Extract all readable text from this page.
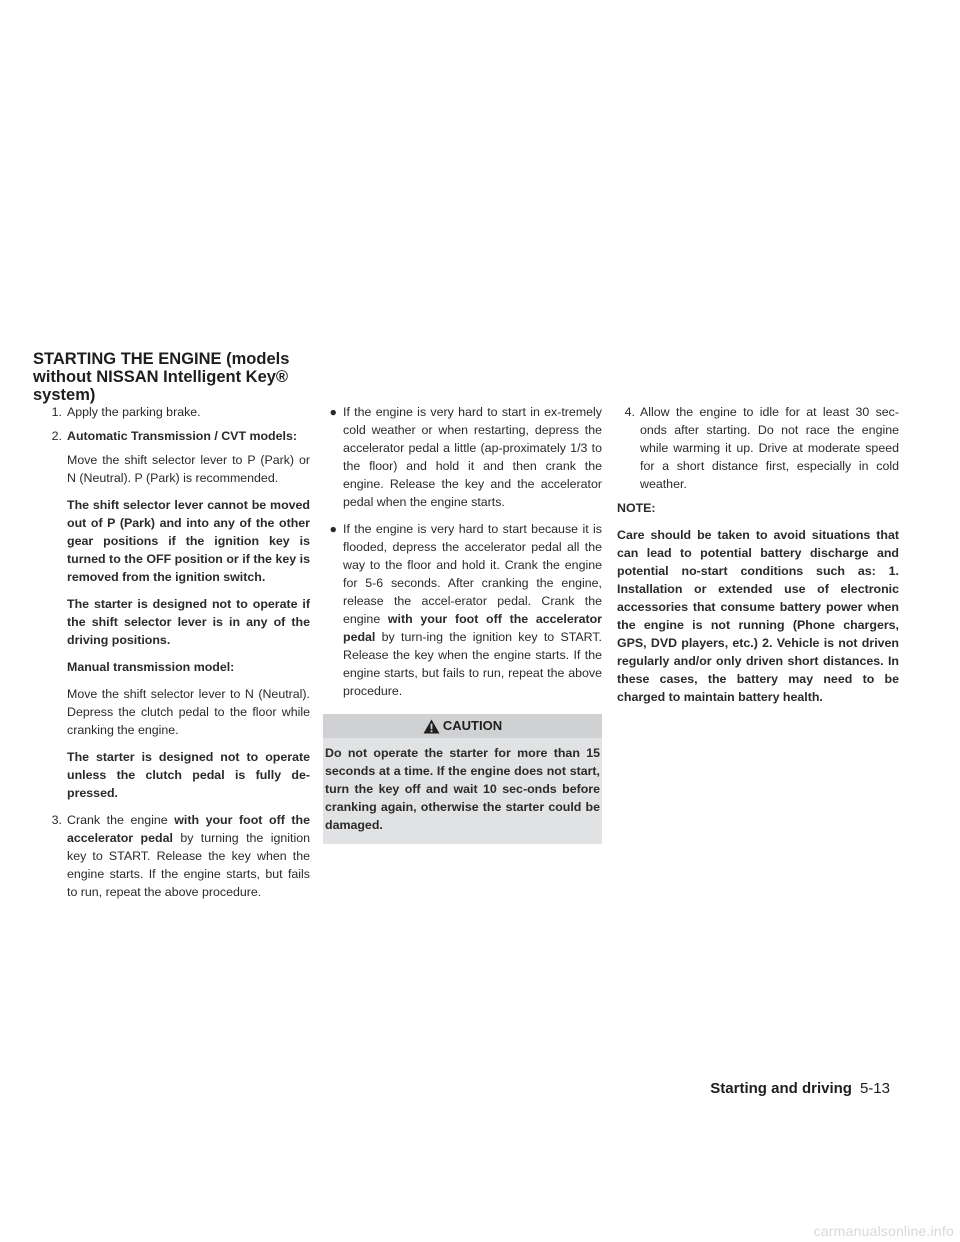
STARTING THE ENGINE (models without NISSAN Intelligent Key® system)
1. Apply the parking brake.
2. Automatic Transmission / CVT models:

Move the shift selector lever to P (Park) or N (Neutral). P (Park) is recommended.

The shift selector lever cannot be moved out of P (Park) and into any of the other gear positions if the ignition key is turned to the OFF position or if the key is removed from the ignition switch.

The starter is designed not to operate if the shift selector lever is in any of the driving positions.

Manual transmission model:

Move the shift selector lever to N (Neutral). Depress the clutch pedal to the floor while cranking the engine.

The starter is designed not to operate unless the clutch pedal is fully de-pressed.

3. Crank the engine with your foot off the accelerator pedal by turning the ignition key to START. Release the key when the engine starts. If the engine starts, but fails to run, repeat the above procedure.
● If the engine is very hard to start in ex-tremely cold weather or when restarting, depress the accelerator pedal a little (ap-proximately 1/3 to the floor) and hold it and then crank the engine. Release the key and the accelerator pedal when the engine starts.
● If the engine is very hard to start because it is flooded, depress the accelerator pedal all the way to the floor and hold it. Crank the engine for 5-6 seconds. After cranking the engine, release the accel-erator pedal. Crank the engine with your foot off the accelerator pedal by turn-ing the ignition key to START. Release the key when the engine starts. If the engine starts, but fails to run, repeat the above procedure.
CAUTION
Do not operate the starter for more than 15 seconds at a time. If the engine does not start, turn the key off and wait 10 sec-onds before cranking again, otherwise the starter could be damaged.
4. Allow the engine to idle for at least 30 sec-onds after starting. Do not race the engine while warming it up. Drive at moderate speed for a short distance first, especially in cold weather.

NOTE:

Care should be taken to avoid situations that can lead to potential battery discharge and potential no-start conditions such as: 1. Installation or extended use of electronic accessories that consume battery power when the engine is not running (Phone chargers, GPS, DVD players, etc.) 2. Vehicle is not driven regularly and/or only driven short distances. In these cases, the battery may need to be charged to maintain battery health.

Starting and driving 5-13
carmanualsonline.info
